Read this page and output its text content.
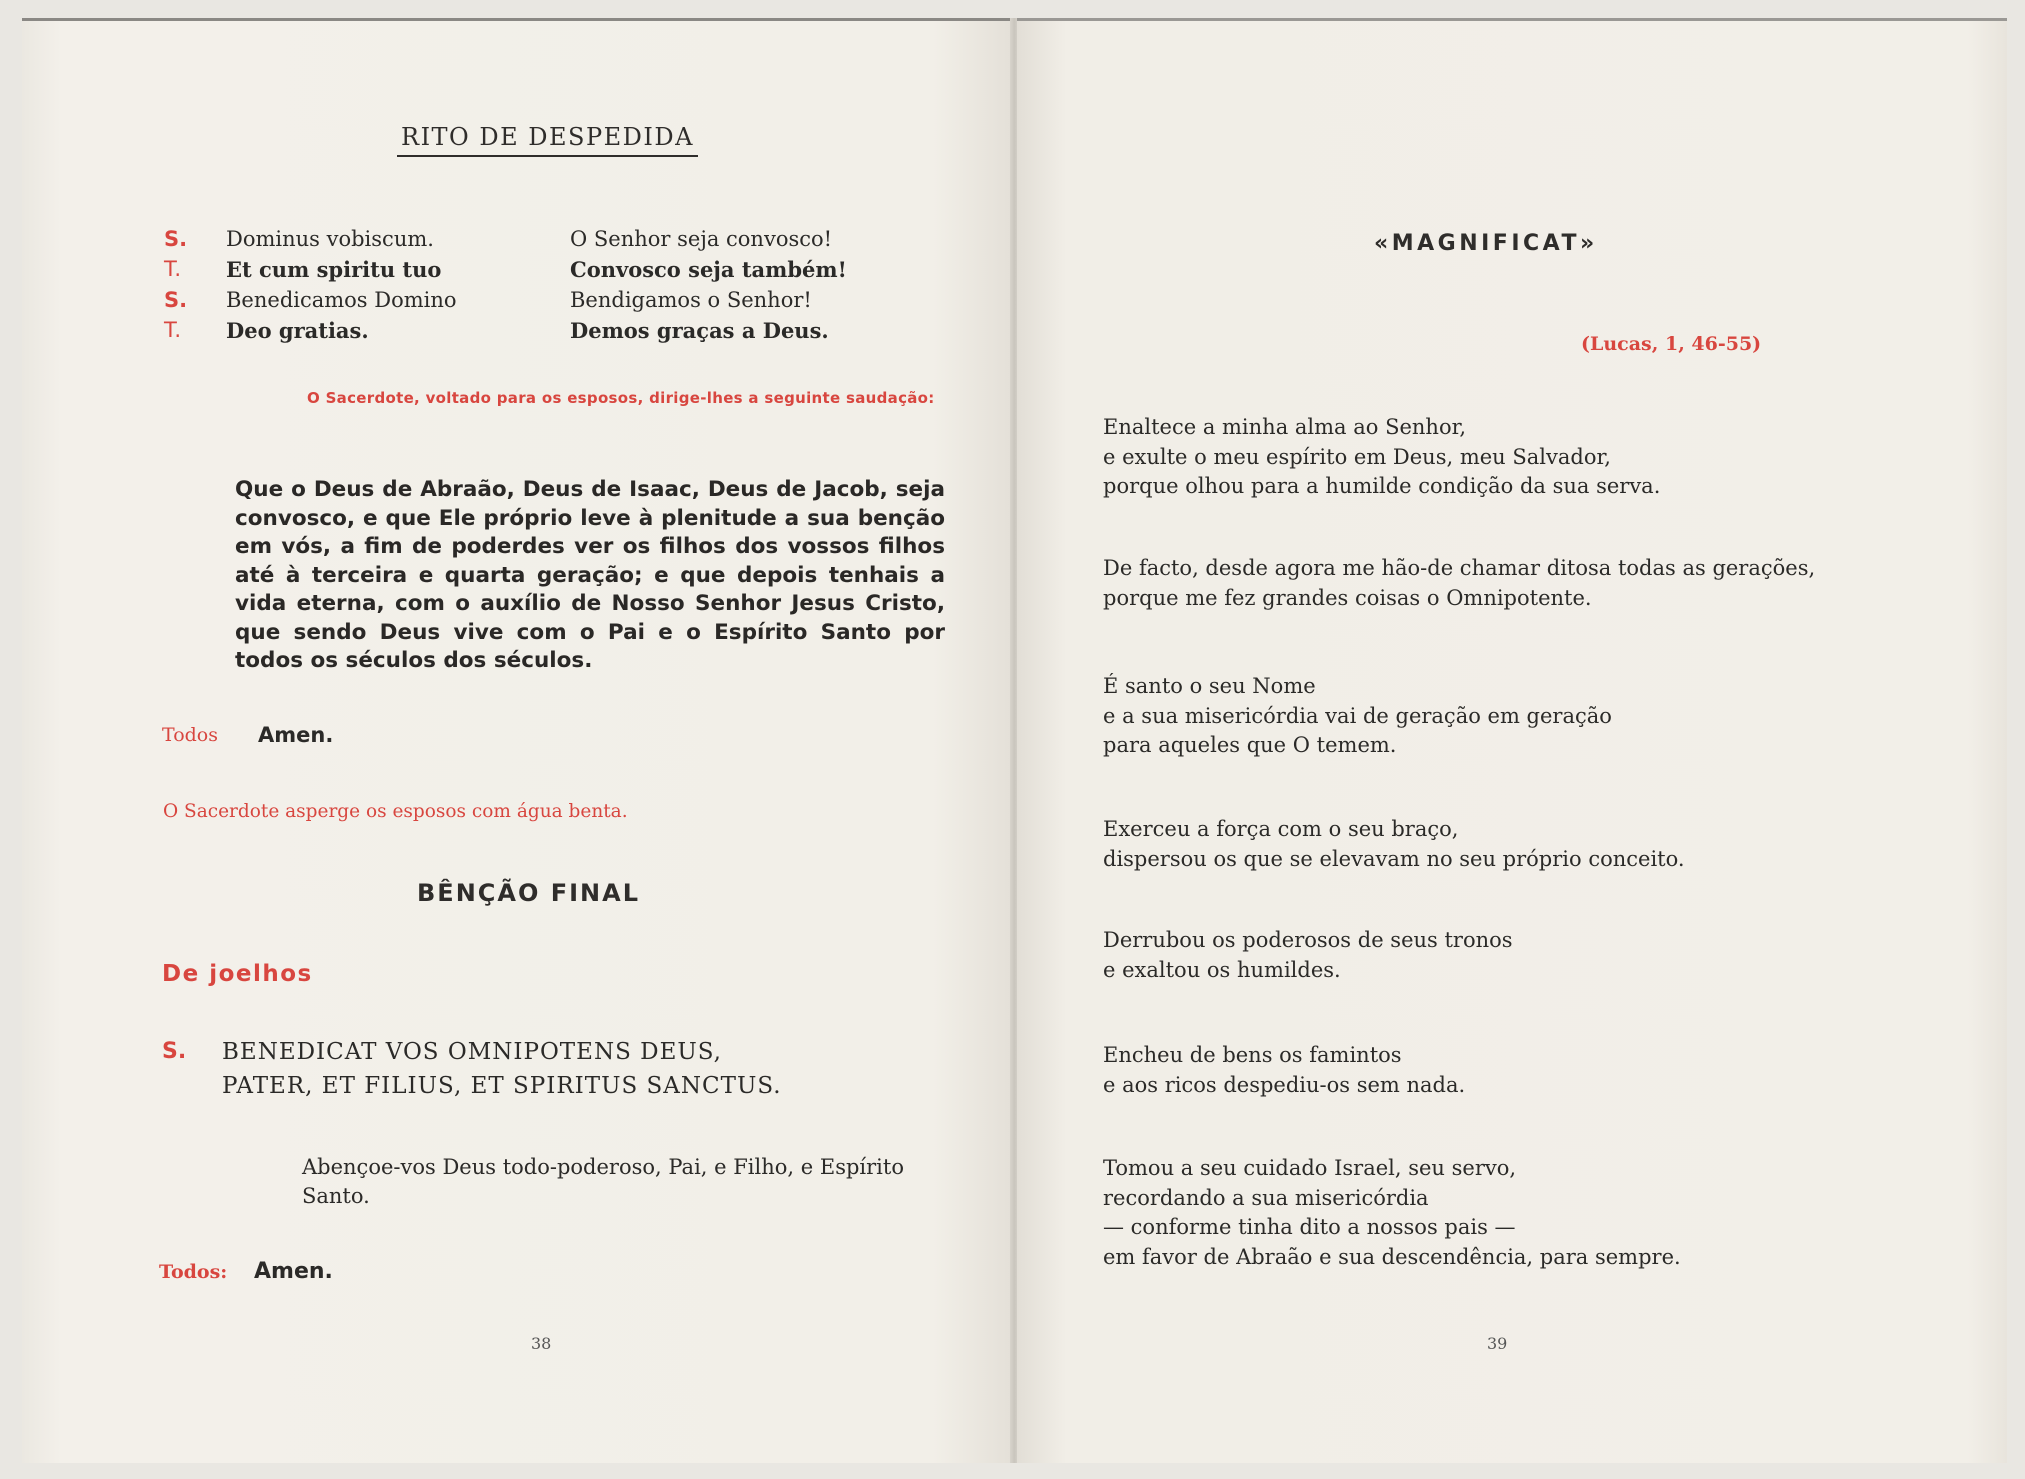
RITO DE DESPEDIDA
S. Dominus vobiscum.	O Senhor seja convosco!
T. Et cum spiritu tuo	Convosco seja também!
S. Benedicamos Domino	Bendigamos o Senhor!
T. Deo gratias.	Demos graças a Deus.
O Sacerdote, voltado para os esposos, dirige-lhes a seguinte saudação:
Que o Deus de Abraão, Deus de Isaac, Deus de Jacob, seja convosco, e que Ele próprio leve à plenitude a sua benção em vós, a fim de poderdes ver os filhos dos vossos filhos até à terceira e quarta geração; e que depois tenhais a vida eterna, com o auxílio de Nosso Senhor Jesus Cristo, que sendo Deus vive com o Pai e o Espírito Santo por todos os séculos dos séculos.
Todos Amen.
O Sacerdote asperge os esposos com água benta.
BÊNÇÃO FINAL
De joelhos
S. BENEDICAT VOS OMNIPOTENS DEUS,
PATER, ET FILIUS, ET SPIRITUS SANCTUS.
Abençoe-vos Deus todo-poderoso, Pai, e Filho, e Espírito Santo.
Todos: Amen.
38
«MAGNIFICAT»
(Lucas, 1, 46-55)
Enaltece a minha alma ao Senhor,
e exulte o meu espírito em Deus, meu Salvador,
porque olhou para a humilde condição da sua serva.
De facto, desde agora me hão-de chamar ditosa todas as gerações,
porque me fez grandes coisas o Omnipotente.
É santo o seu Nome
e a sua misericórdia vai de geração em geração
para aqueles que O temem.
Exerceu a força com o seu braço,
dispersou os que se elevavam no seu próprio conceito.
Derrubou os poderosos de seus tronos
e exaltou os humildes.
Encheu de bens os famintos
e aos ricos despediu-os sem nada.
Tomou a seu cuidado Israel, seu servo,
recordando a sua misericórdia
— conforme tinha dito a nossos pais —
em favor de Abraão e sua descendência, para sempre.
39
